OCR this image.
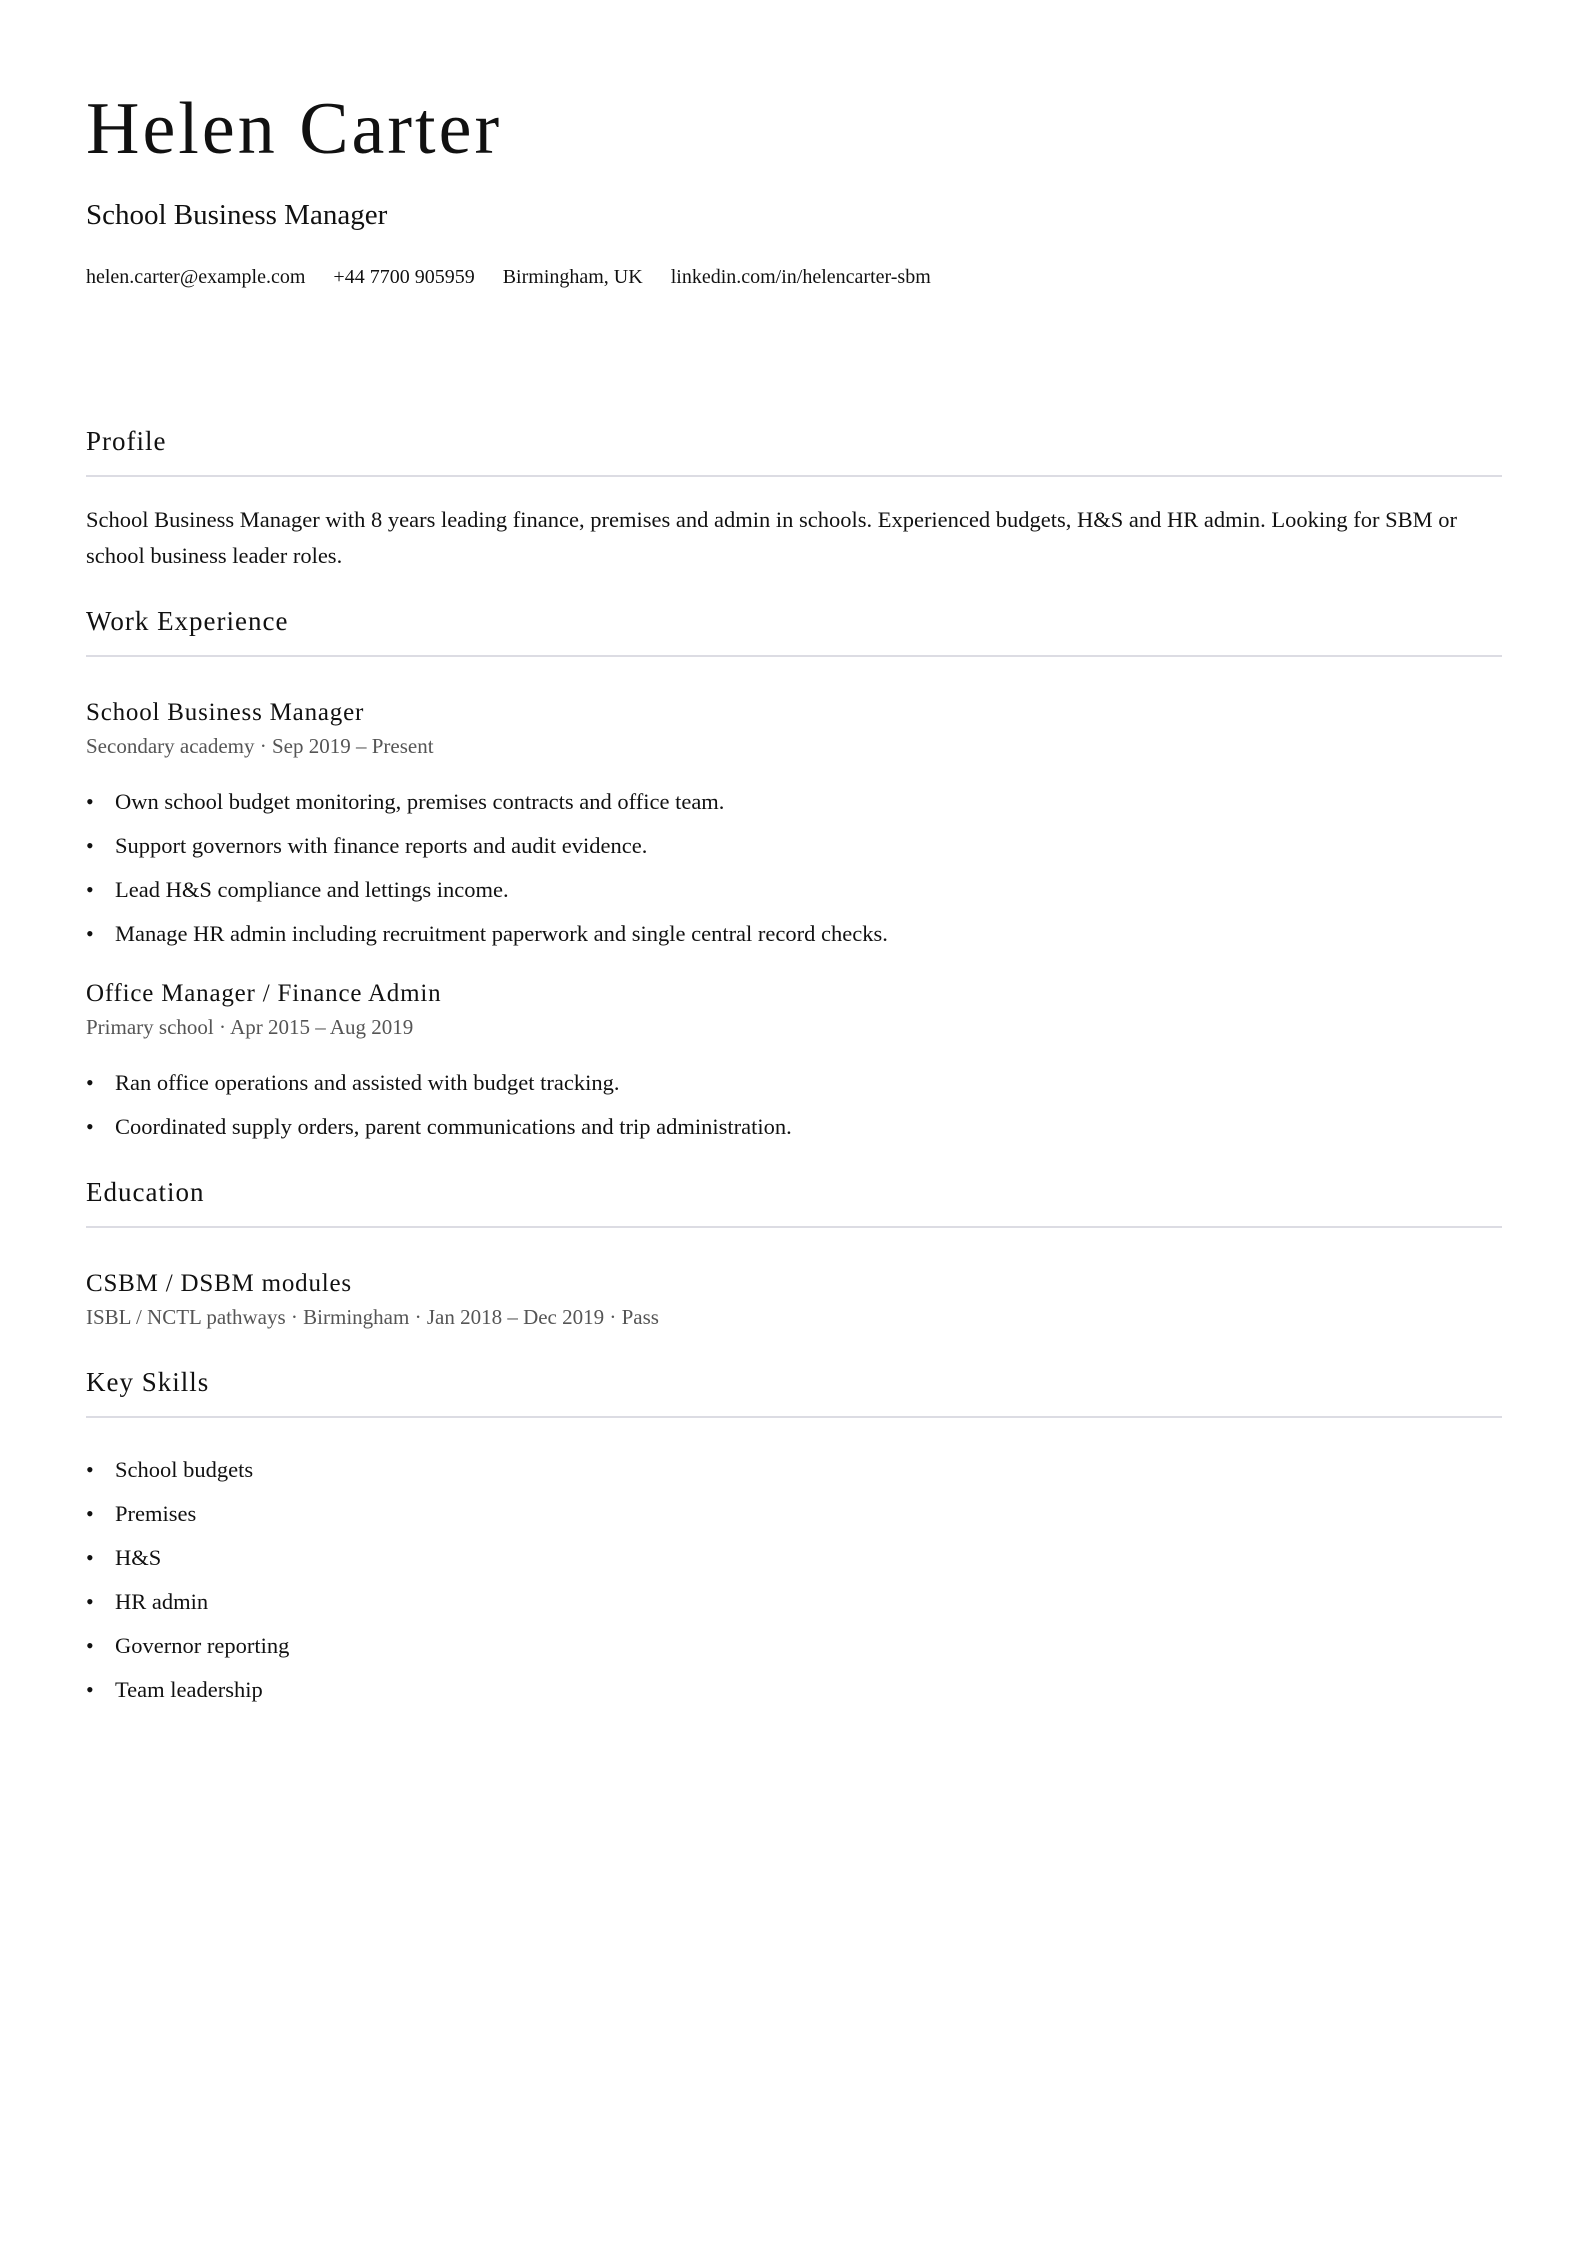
Helen Carter
School Business Manager
helen.carter@example.com +44 7700 905959 Birmingham, UK linkedin.com/in/helencarter-sbm
Profile

School Business Manager with 8 years leading finance, premises and admin in schools. Experienced budgets, H&S and HR admin. Looking for SBM or school business leader roles.

Work Experience
School Business Manager
Secondary academy · Sep 2019 – Present
• Own school budget monitoring, premises contracts and office team.
• Support governors with finance reports and audit evidence.
• Lead H&S compliance and lettings income.
• Manage HR admin including recruitment paperwork and single central record checks.
Office Manager / Finance Admin
Primary school · Apr 2015 – Aug 2019
• Ran office operations and assisted with budget tracking.
• Coordinated supply orders, parent communications and trip administration.
Education
CSBM / DSBM modules
ISBL / NCTL pathways · Birmingham · Jan 2018 – Dec 2019 · Pass
Key Skills
• School budgets
• Premises
• H&S
• HR admin
• Governor reporting
• Team leadership
